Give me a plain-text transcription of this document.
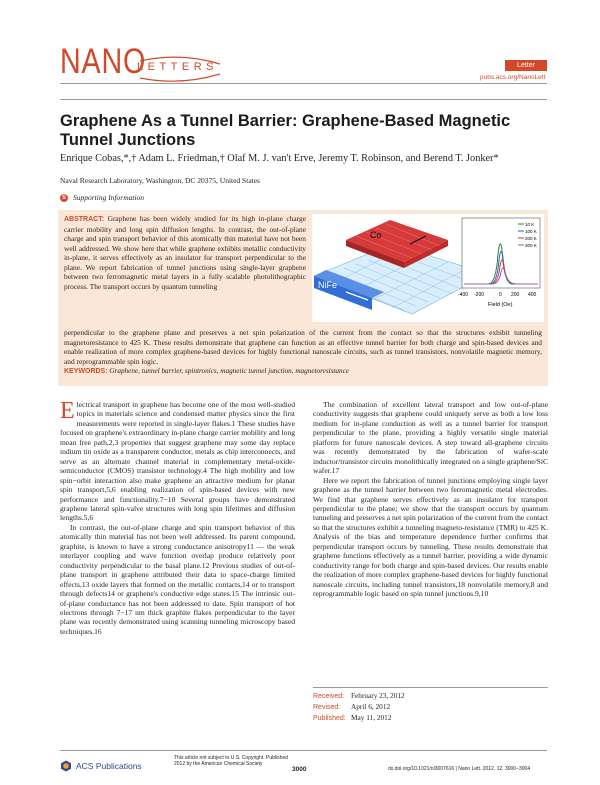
NANO
LETTERS	Letter
pubs.acs.org/NanoLett
Graphene As a Tunnel Barrier: Graphene-Based Magnetic Tunnel Junctions
Enrique Cobas,*,† Adam L. Friedman,† Olaf M. J. van't Erve, Jeremy T. Robinson, and Berend T. Jonker*
Naval Research Laboratory, Washington, DC 20375, United States
S Supporting Information
ABSTRACT: Graphene has been widely studied for its high in-plane charge carrier mobility and long spin diffusion lengths. In contrast, the out-of-plane charge and spin transport behavior of this atomically thin material have not been well addressed. We show here that while graphene exhibits metallic conductivity in-plane, it serves effectively as an insulator for transport perpendicular to the plane. We report fabrication of tunnel junctions using single-layer graphene between two ferromagnetic metal layers in a fully scalable photolithographic process. The transport occurs by quantum tunneling
perpendicular to the graphene plane and preserves a net spin polarization of the current from the contact so that the structures exhibit tunneling magnetoresistance to 425 K. These results demonstrate that graphene can function as an effective tunnel barrier for both charge and spin-based devices and enable realization of more complex graphene-based devices for highly functional nanoscale circuits, such as tunnel transistors, nonvolatile magnetic memory, and reprogrammable spin logic.
KEYWORDS: Graphene, tunnel barrier, spintronics, magnetic tunnel junction, magnetoresistance
NiFe
Co
10 K
100 K
200 K
300 K
-400 -200	0 200 400
Field (Oe)

Electrical transport in graphene has become one of the most well-studied topics in materials science and condensed matter physics since the first measurements were reported in single-layer flakes.1 These studies have focused on graphene's extraordinary in-plane charge carrier mobility and long mean free path,2,3 properties that suggest graphene may some day replace indium tin oxide as a transparent conductor, metals as chip interconnects, and serve as an alternate channel material in complementary metal-oxide-semiconductor (CMOS) transistor technology.4 The high mobility and low spin−orbit interaction also make graphene an attractive medium for planar spin transport,5,6 enabling realization of spin-based devices with new performance and functionality.7−10 Several groups have demonstrated graphene lateral spin-valve structures with long spin lifetimes and diffusion lengths.5,6

In contrast, the out-of-plane charge and spin transport behavior of this atomically thin material has not been well addressed. Its parent compound, graphite, is known to have a strong conductance anisotropy11 — the weak interlayer coupling and wave function overlap produce relatively poor conductivity perpendicular to the basal plane.12 Previous studies of out-of-plane transport in graphene attributed their data to space-charge limited effects,13 oxide layers that formed on the metallic contacts,14 or to transport through defects14 or graphene's conductive edge states.15 The intrinsic out-of-plane conductance has not been addressed to date. Spin transport of hot electrons through 7−17 nm thick graphite flakes perpendicular to the layer plane was recently demonstrated using scanning tunneling microscopy based techniques.16

The combination of excellent lateral transport and low out-of-plane conductivity suggests that graphene could uniquely serve as both a low loss medium for in-plane conduction as well as a tunnel barrier for transport perpendicular to the plane, providing a highly versatile single material platform for future nanoscale devices. A step toward all-graphene circuits was recently demonstrated by the fabrication of wafer-scale inductor/transistor circuits monolithically integrated on a single graphene/SiC wafer.17

Here we report the fabrication of tunnel junctions employing single layer graphene as the tunnel barrier between two ferromagnetic metal electrodes. We find that graphene serves effectively as an insulator for transport perpendicular to the plane; we show that the transport occurs by quantum tunneling and preserves a net spin polarization of the current from the contact so that the structures exhibit a tunneling magneto-resistance (TMR) to 425 K. Analysis of the bias and temperature dependence further confirms that perpendicular transport occurs by tunneling. These results demonstrate that graphene functions effectively as a tunnel barrier, providing a wide dynamic conductivity range for both charge and spin-based devices. Our results enable the realization of more complex graphene-based devices for highly functional nanoscale circuits, including tunnel transistors,18 nonvolatile memory,8 and reprogrammable logic based on spin tunnel junctions.9,10

Received: February 23, 2012
Revised: April 6, 2012
Published: May 11, 2012
ACS Publications
This article not subject to U.S. Copyright. Published 2012 by the American Chemical Society
3000	dx.doi.org/10.1021/nl3007616 | Nano Lett. 2012, 12, 3000−3004
